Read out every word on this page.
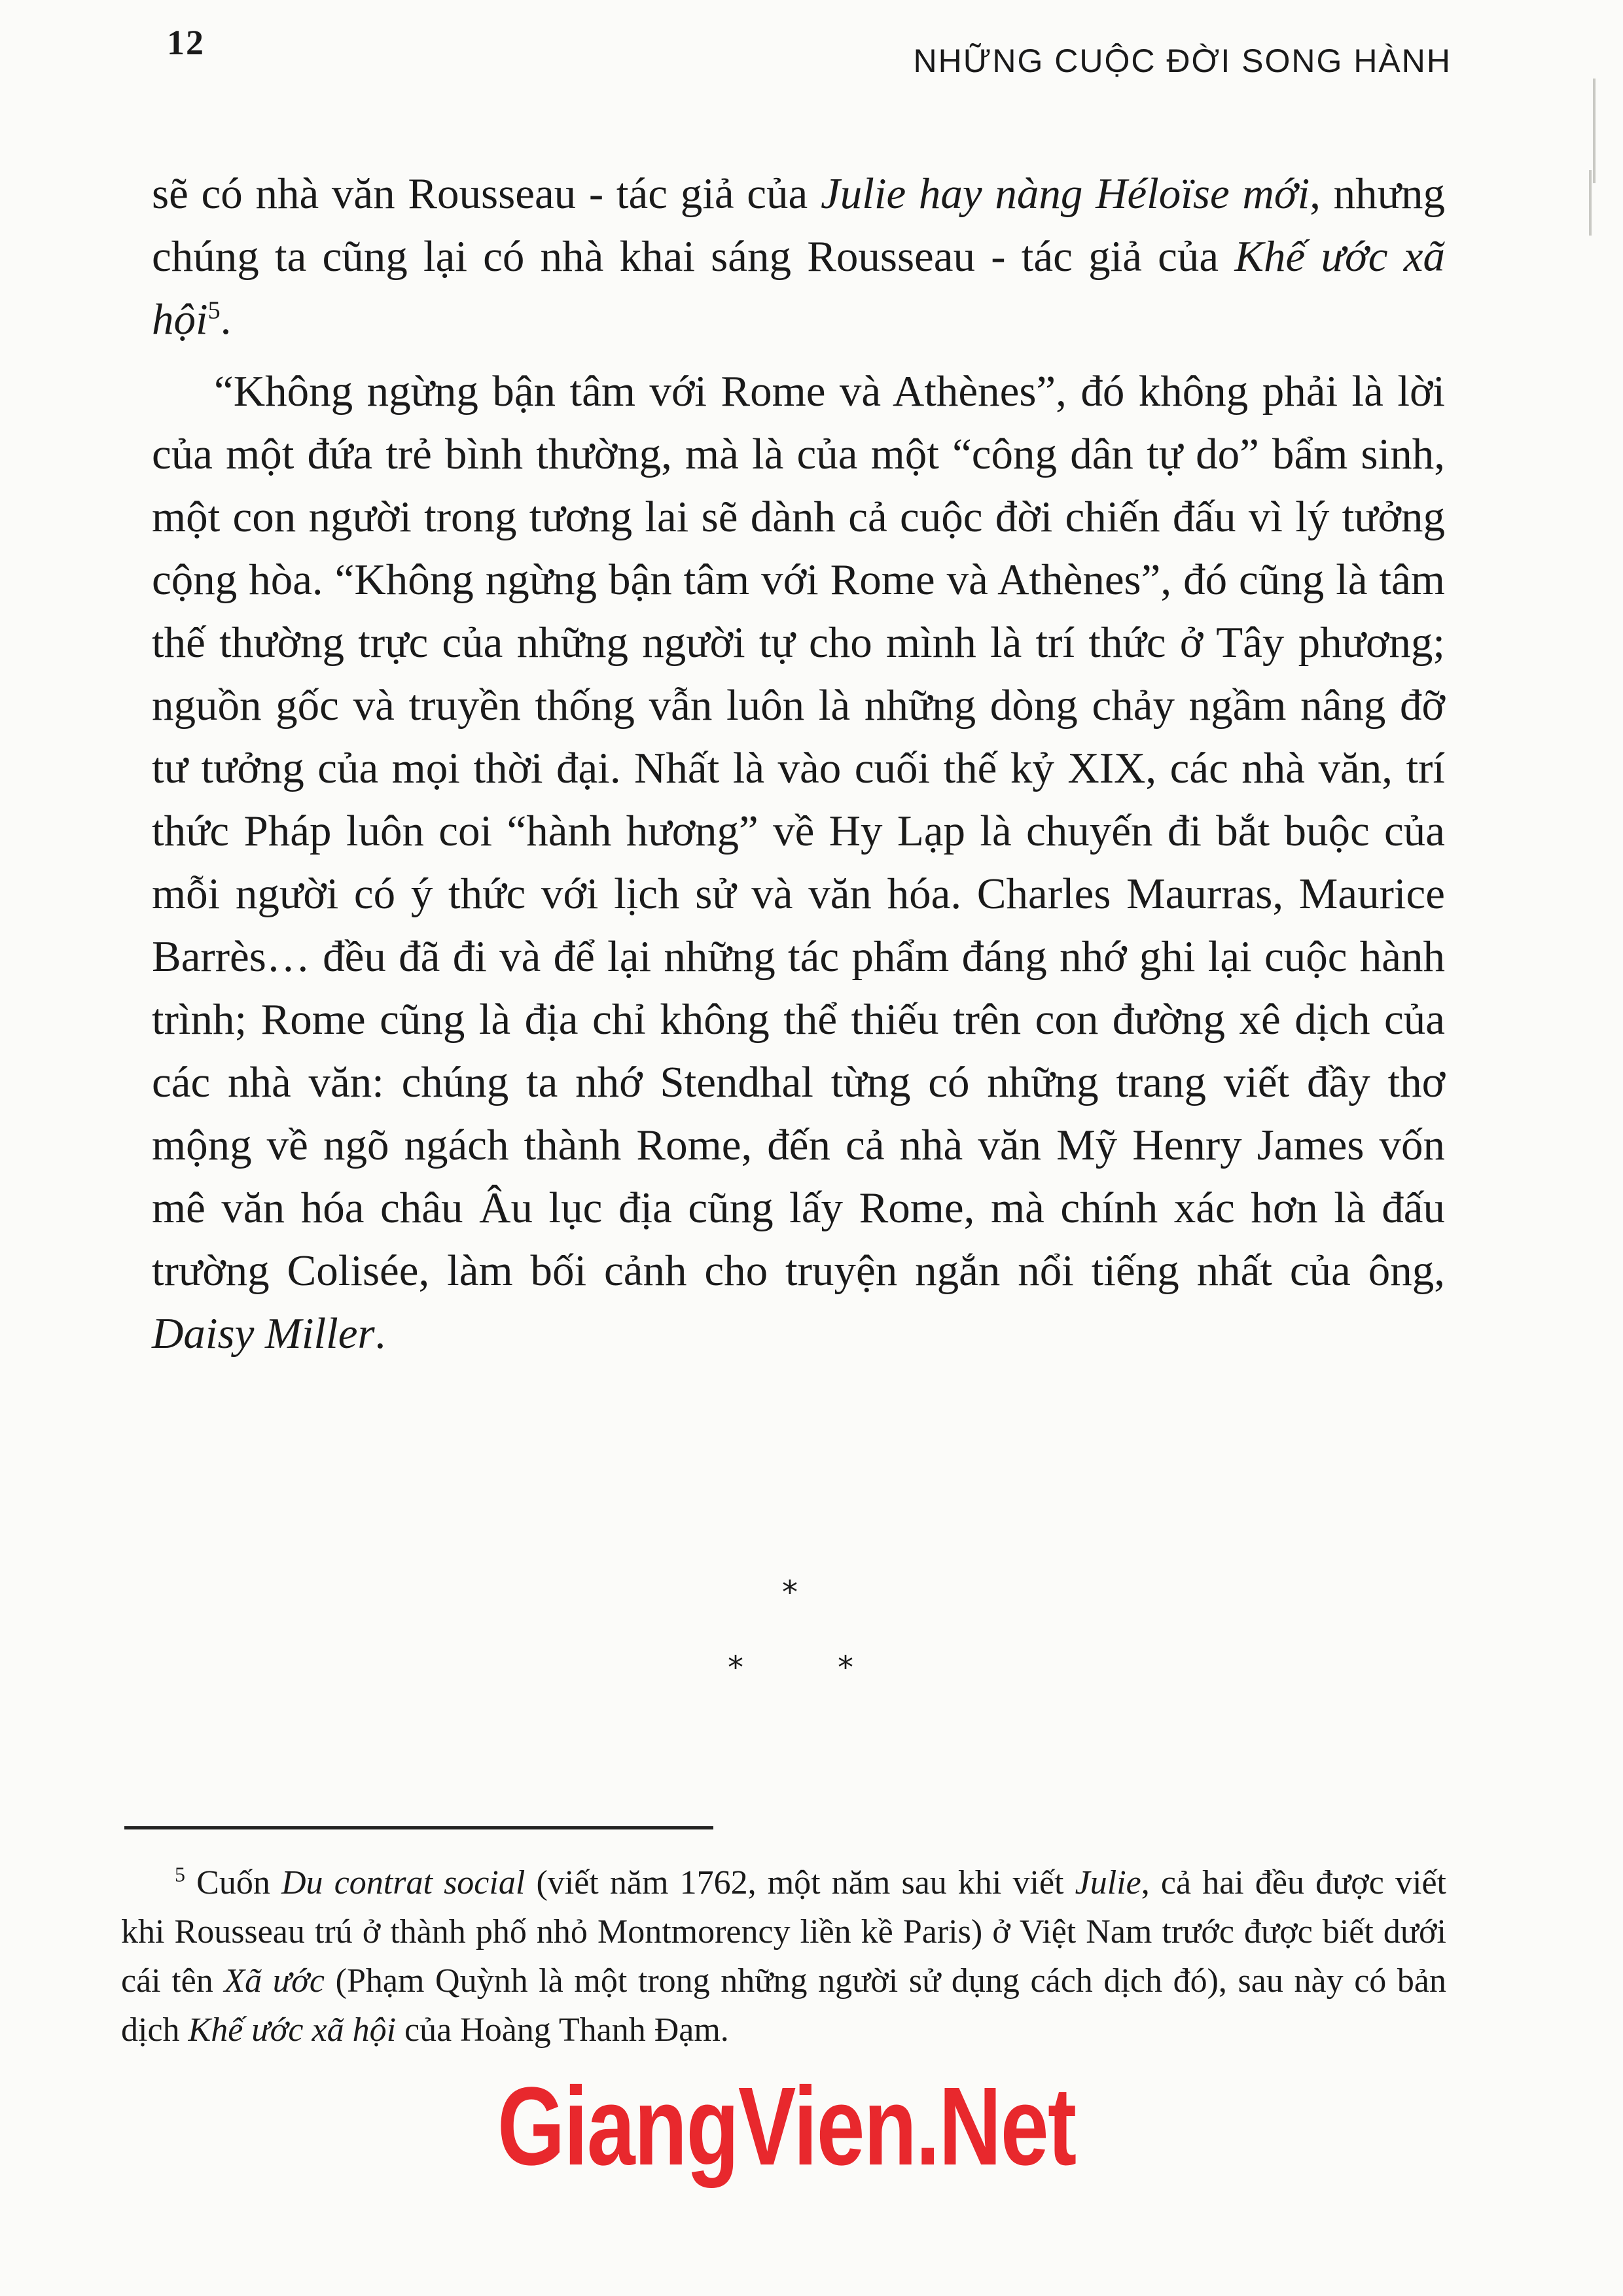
12	NHỮNG CUỘC ĐỜI SONG HÀNH

sẽ có nhà văn Rousseau - tác giả của Julie hay nàng Héloïse mới, nhưng chúng ta cũng lại có nhà khai sáng Rousseau - tác giả của Khế ước xã hội$^5$.

“Không ngừng bận tâm với Rome và Athènes”, đó không phải là lời của một đứa trẻ bình thường, mà là của một “công dân tự do” bẩm sinh, một con người trong tương lai sẽ dành cả cuộc đời chiến đấu vì lý tưởng cộng hòa. “Không ngừng bận tâm với Rome và Athènes”, đó cũng là tâm thế thường trực của những người tự cho mình là trí thức ở Tây phương; nguồn gốc và truyền thống vẫn luôn là những dòng chảy ngầm nâng đỡ tư tưởng của mọi thời đại. Nhất là vào cuối thế kỷ XIX, các nhà văn, trí thức Pháp luôn coi “hành hương” về Hy Lạp là chuyến đi bắt buộc của mỗi người có ý thức với lịch sử và văn hóa. Charles Maurras, Maurice Barrès… đều đã đi và để lại những tác phẩm đáng nhớ ghi lại cuộc hành trình; Rome cũng là địa chỉ không thể thiếu trên con đường xê dịch của các nhà văn: chúng ta nhớ Stendhal từng có những trang viết đầy thơ mộng về ngõ ngách thành Rome, đến cả nhà văn Mỹ Henry James vốn mê văn hóa châu Âu lục địa cũng lấy Rome, mà chính xác hơn là đấu trường Colisée, làm bối cảnh cho truyện ngắn nổi tiếng nhất của ông, Daisy Miller.

*
*	*
$^5$ Cuốn Du contrat social (viết năm 1762, một năm sau khi viết Julie, cả hai đều được viết khi Rousseau trú ở thành phố nhỏ Montmorency liền kề Paris) ở Việt Nam trước được biết dưới cái tên Xã ước (Phạm Quỳnh là một trong những người sử dụng cách dịch đó), sau này có bản dịch Khế ước xã hội của Hoàng Thanh Đạm.
GiangVien.Net
